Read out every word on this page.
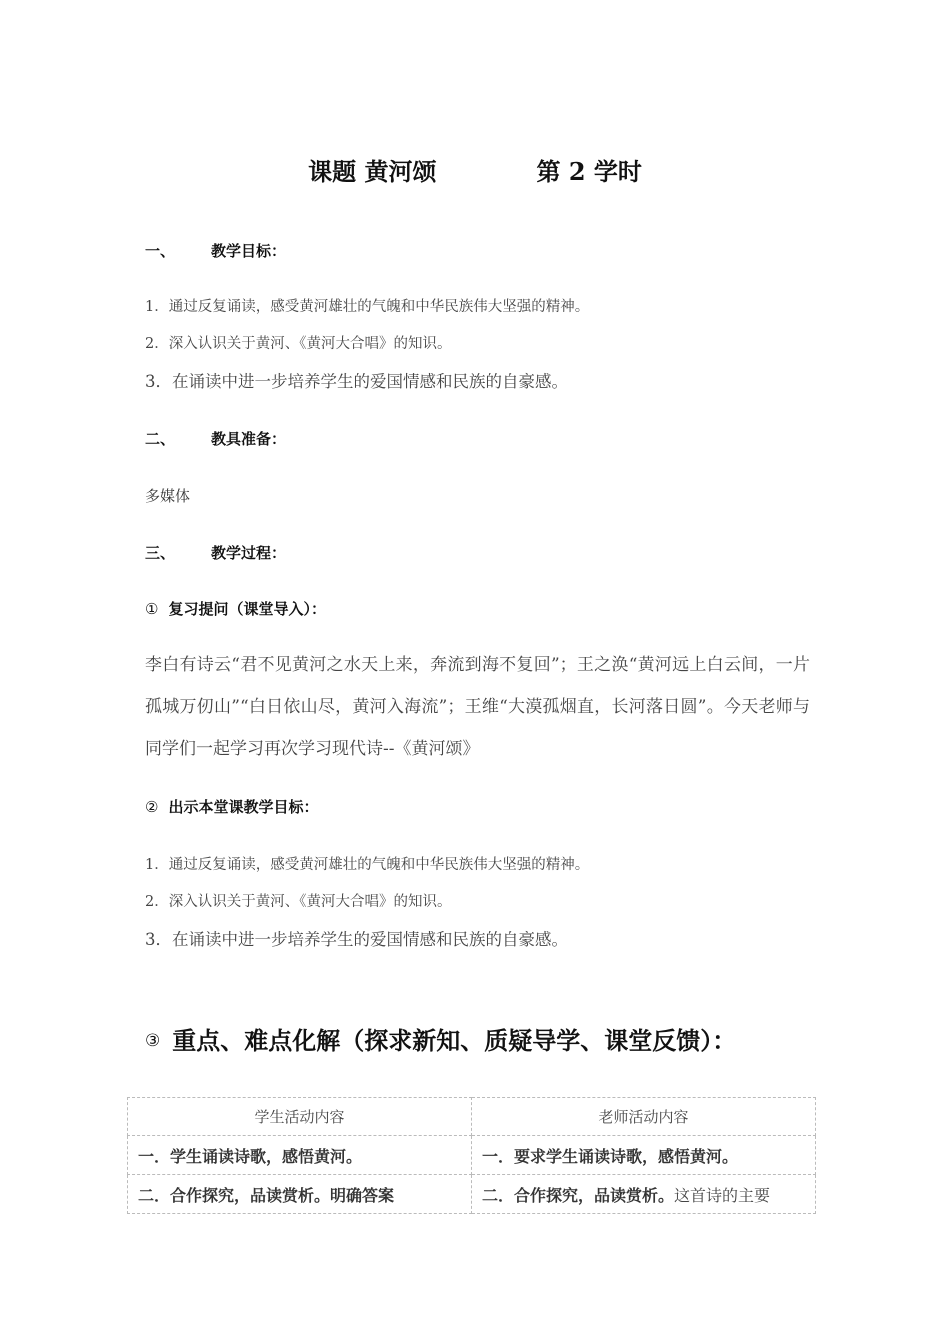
课题 黄河颂	第 2 学时
一、 教学目标：
1．通过反复诵读，感受黄河雄壮的气魄和中华民族伟大坚强的精神。
2．深入认识关于黄河、《黄河大合唱》的知识。
3．在诵读中进一步培养学生的爱国情感和民族的自豪感。
二、 教具准备：
多媒体
三、 教学过程：
① 复习提问（课堂导入）：
李白有诗云“君不见黄河之水天上来，奔流到海不复回”；王之涣“黄河远上白云间，一片孤城万仞山”“白日依山尽，黄河入海流”；王维“大漠孤烟直，长河落日圆”。今天老师与同学们一起学习再次学习现代诗--《黄河颂》
② 出示本堂课教学目标：
1．通过反复诵读，感受黄河雄壮的气魄和中华民族伟大坚强的精神。
2．深入认识关于黄河、《黄河大合唱》的知识。
3．在诵读中进一步培养学生的爱国情感和民族的自豪感。
③ 重点、难点化解（探求新知、质疑导学、课堂反馈）：
学生活动内容	老师活动内容
一．学生诵读诗歌，感悟黄河。	一．要求学生诵读诗歌，感悟黄河。
二．合作探究，品读赏析。明确答案	二．合作探究，品读赏析。这首诗的主要
